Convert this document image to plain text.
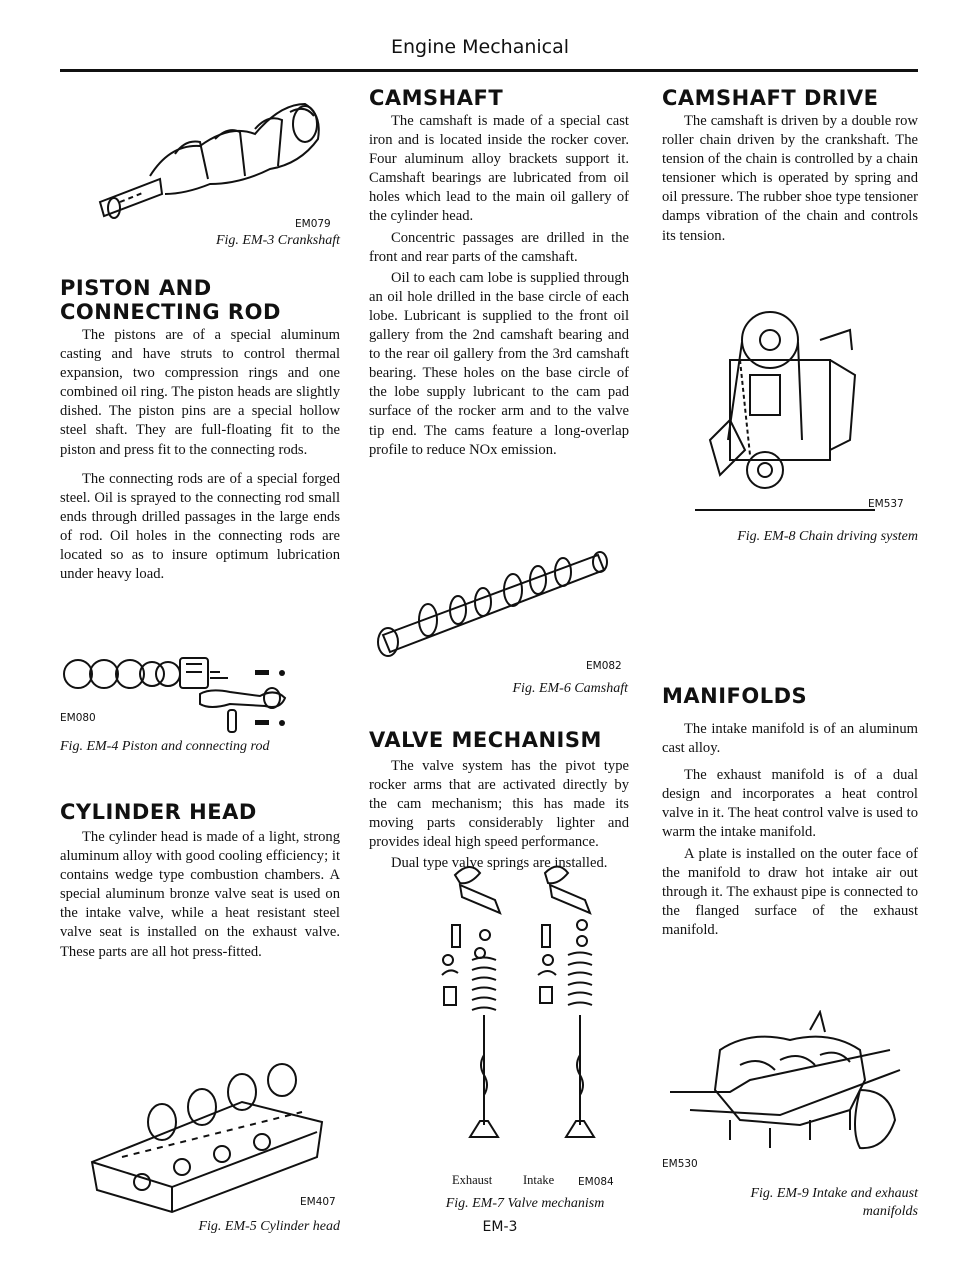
Engine Mechanical
EM079
Fig. EM-3 Crankshaft
PISTON AND
CONNECTING ROD

The pistons are of a special aluminum casting and have struts to control thermal expansion, two compression rings and one combined oil ring. The piston heads are slightly dished. The piston pins are a special hollow steel shaft. They are full-floating fit to the piston and press fit to the connecting rods.

The connecting rods are of a special forged steel. Oil is sprayed to the connecting rod small ends through drilled passages in the large ends of rod. Oil holes in the connecting rods are located so as to insure optimum lubrication under heavy load.

EM080
Fig. EM-4 Piston and connecting rod
CYLINDER HEAD

The cylinder head is made of a light, strong aluminum alloy with good cooling efficiency; it contains wedge type combustion chambers. A special aluminum bronze valve seat is used on the intake valve, while a heat resistant steel valve seat is installed on the exhaust valve. These parts are all hot press-fitted.

EM407
Fig. EM-5 Cylinder head
CAMSHAFT

The camshaft is made of a special cast iron and is located inside the rocker cover. Four aluminum alloy brackets support it. Camshaft bearings are lubricated from oil holes which lead to the main oil gallery of the cylinder head.

Concentric passages are drilled in the front and rear parts of the camshaft.

Oil to each cam lobe is supplied through an oil hole drilled in the base circle of each lobe. Lubricant is supplied to the front oil gallery from the 2nd camshaft bearing and to the rear oil gallery from the 3rd camshaft bearing. These holes on the base circle of the lobe supply lubricant to the cam pad surface of the rocker arm and to the valve tip end. The cams feature a long-overlap profile to reduce NOx emission.

EM082
Fig. EM-6 Camshaft
VALVE MECHANISM

The valve system has the pivot type rocker arms that are activated directly by the cam mechanism; this has made its moving parts considerably lighter and provides ideal high speed performance.

Dual type valve springs are installed.

Exhaust Intake EM084
Fig. EM-7 Valve mechanism
EM-3
CAMSHAFT DRIVE

The camshaft is driven by a double row roller chain driven by the crankshaft. The tension of the chain is controlled by a chain tensioner which is operated by spring and oil pressure. The rubber shoe type tensioner damps vibration of the chain and controls its tension.

EM537
Fig. EM-8 Chain driving system
MANIFOLDS

The intake manifold is of an aluminum cast alloy.

The exhaust manifold is of a dual design and incorporates a heat control valve in it. The heat control valve is used to warm the intake manifold.

A plate is installed on the outer face of the manifold to draw hot intake air out through it. The exhaust pipe is connected to the flanged surface of the exhaust manifold.

EM530
Fig. EM-9 Intake and exhaust
manifolds
